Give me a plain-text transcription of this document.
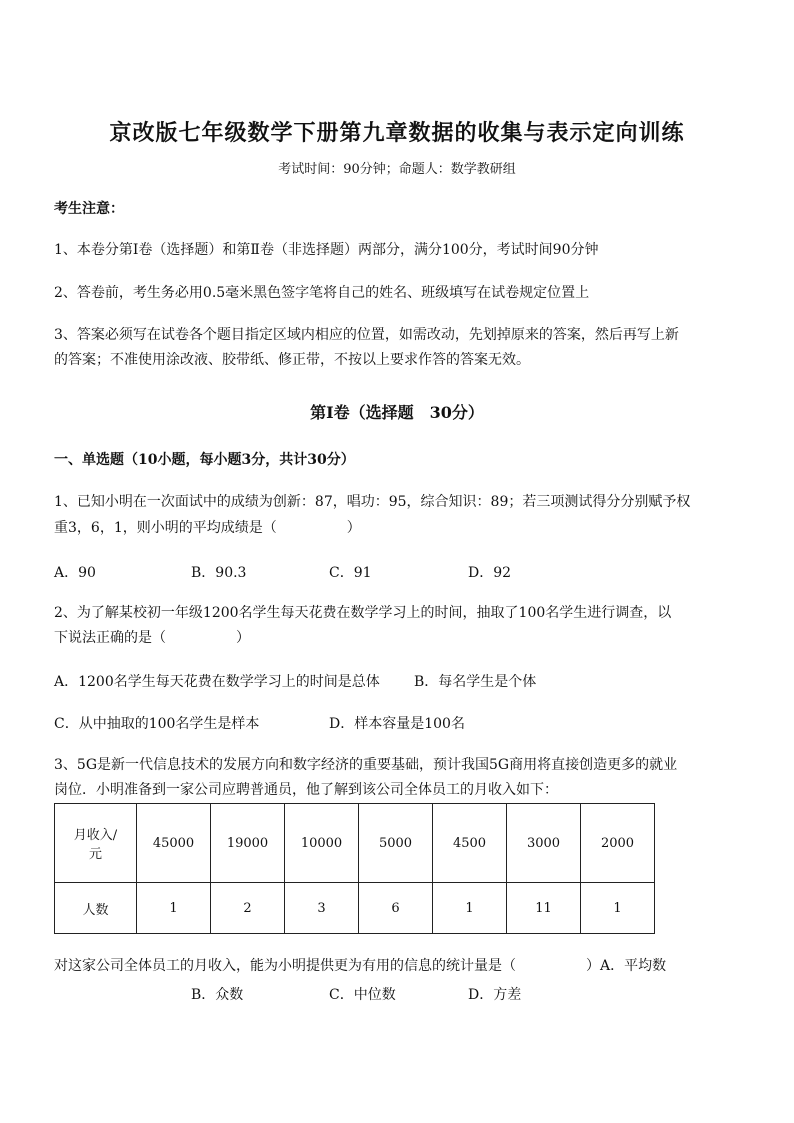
京改版七年级数学下册第九章数据的收集与表示定向训练
考试时间：90分钟；命题人：数学教研组
考生注意：
1、本卷分第Ⅰ卷（选择题）和第Ⅱ卷（非选择题）两部分，满分100分，考试时间90分钟
2、答卷前，考生务必用0.5毫米黑色签字笔将自己的姓名、班级填写在试卷规定位置上
3、答案必须写在试卷各个题目指定区域内相应的位置，如需改动，先划掉原来的答案，然后再写上新
的答案；不准使用涂改液、胶带纸、修正带，不按以上要求作答的答案无效。
第Ⅰ卷（选择题　30分）
一、单选题（10小题，每小题3分，共计30分）
1、已知小明在一次面试中的成绩为创新：87，唱功：95，综合知识：89；若三项测试得分分别赋予权
重3，6，1，则小明的平均成绩是（	）
A．90	B．90.3	C．91	D．92
2、为了解某校初一年级1200名学生每天花费在数学学习上的时间，抽取了100名学生进行调查，以
下说法正确的是（	）
A．1200名学生每天花费在数学学习上的时间是总体 B．每名学生是个体
C．从中抽取的100名学生是样本	D．样本容量是100名
3、5G是新一代信息技术的发展方向和数字经济的重要基础，预计我国5G商用将直接创造更多的就业
岗位．小明准备到一家公司应聘普通员，他了解到该公司全体员工的月收入如下：
月收入/
元	45000	19000	10000	5000	4500	3000	2000
人数	1	2	3	6	1	11	1
对这家公司全体员工的月收入，能为小明提供更为有用的信息的统计量是（	）A．平均数
B．众数	C．中位数	D．方差
